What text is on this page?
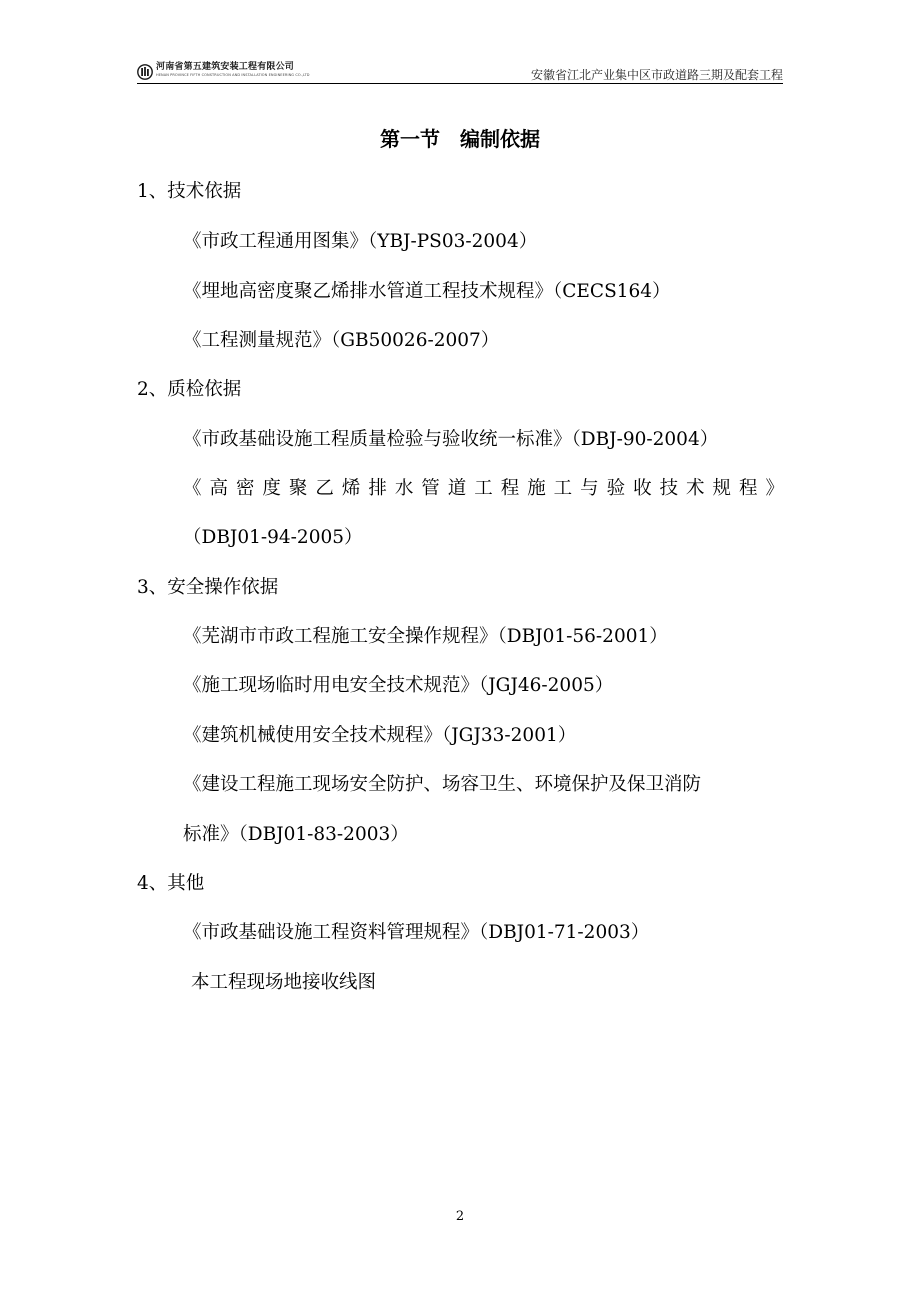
河南省第五建筑安装工程有限公司
HENAN PROVINCE FIFTH CONSTRUCTION AND INSTALLATION ENGINEERING CO.,LTD	安徽省江北产业集中区市政道路三期及配套工程
第一节　编制依据
1、技术依据
《市政工程通用图集》（YBJ-PS03-2004）
《埋地高密度聚乙烯排水管道工程技术规程》（CECS164）
《工程测量规范》（GB50026-2007）
2、质检依据
《市政基础设施工程质量检验与验收统一标准》（DBJ-90-2004）
《高密度聚乙烯排水管道工程施工与验收技术规程》
（DBJ01-94-2005）
3、安全操作依据
《芜湖市市政工程施工安全操作规程》（DBJ01-56-2001）
《施工现场临时用电安全技术规范》（JGJ46-2005）
《建筑机械使用安全技术规程》（JGJ33-2001）
《建设工程施工现场安全防护、场容卫生、环境保护及保卫消防
标准》（DBJ01-83-2003）
4、其他
《市政基础设施工程资料管理规程》（DBJ01-71-2003）
本工程现场地接收线图
2
